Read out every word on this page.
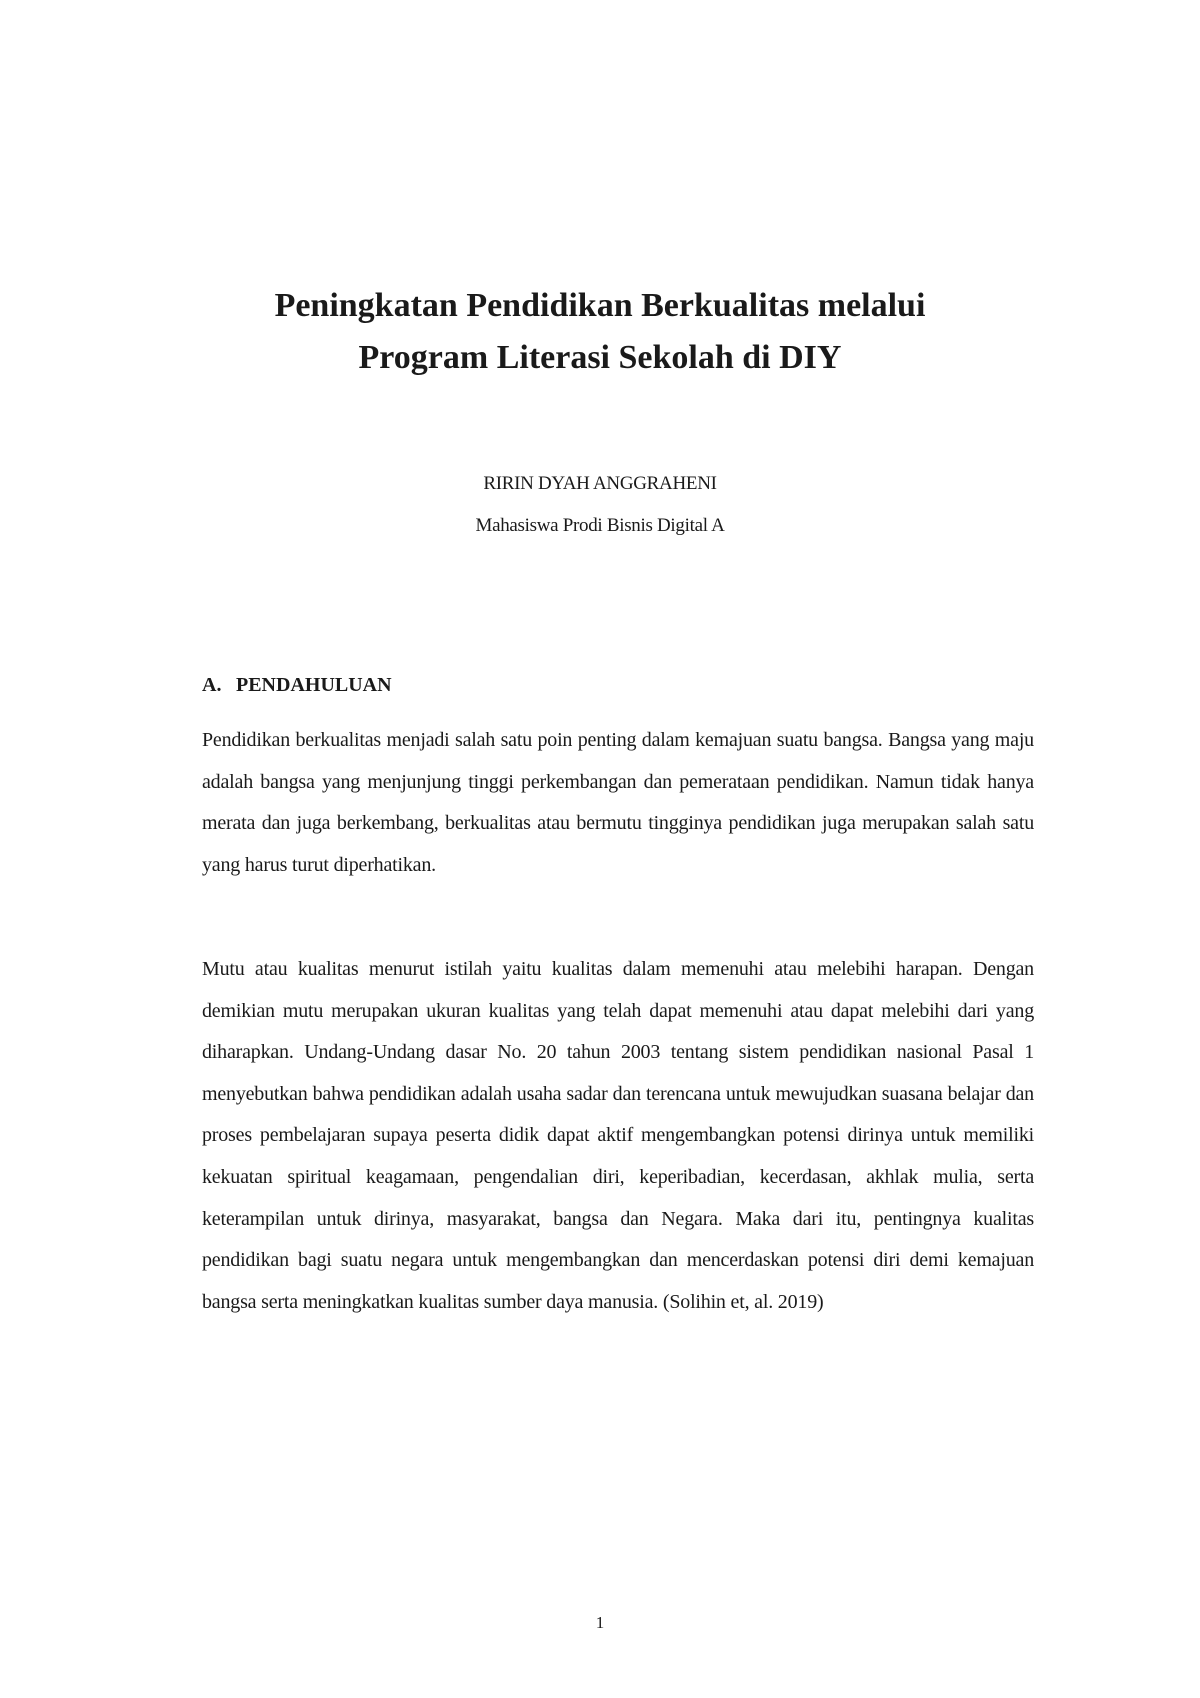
Peningkatan Pendidikan Berkualitas melalui
Program Literasi Sekolah di DIY
RIRIN DYAH ANGGRAHENI
Mahasiswa Prodi Bisnis Digital A
A. PENDAHULUAN

Pendidikan berkualitas menjadi salah satu poin penting dalam kemajuan suatu bangsa. Bangsa yang maju adalah bangsa yang menjunjung tinggi perkembangan dan pemerataan pendidikan. Namun tidak hanya merata dan juga berkembang, berkualitas atau bermutu tingginya pendidikan juga merupakan salah satu yang harus turut diperhatikan.

Mutu atau kualitas menurut istilah yaitu kualitas dalam memenuhi atau melebihi harapan. Dengan demikian mutu merupakan ukuran kualitas yang telah dapat memenuhi atau dapat melebihi dari yang diharapkan. Undang-Undang dasar No. 20 tahun 2003 tentang sistem pendidikan nasional Pasal 1 menyebutkan bahwa pendidikan adalah usaha sadar dan terencana untuk mewujudkan suasana belajar dan proses pembelajaran supaya peserta didik dapat aktif mengembangkan potensi dirinya untuk memiliki kekuatan spiritual keagamaan, pengendalian diri, keperibadian, kecerdasan, akhlak mulia, serta keterampilan untuk dirinya, masyarakat, bangsa dan Negara. Maka dari itu, pentingnya kualitas pendidikan bagi suatu negara untuk mengembangkan dan mencerdaskan potensi diri demi kemajuan bangsa serta meningkatkan kualitas sumber daya manusia. (Solihin et, al. 2019)

1
